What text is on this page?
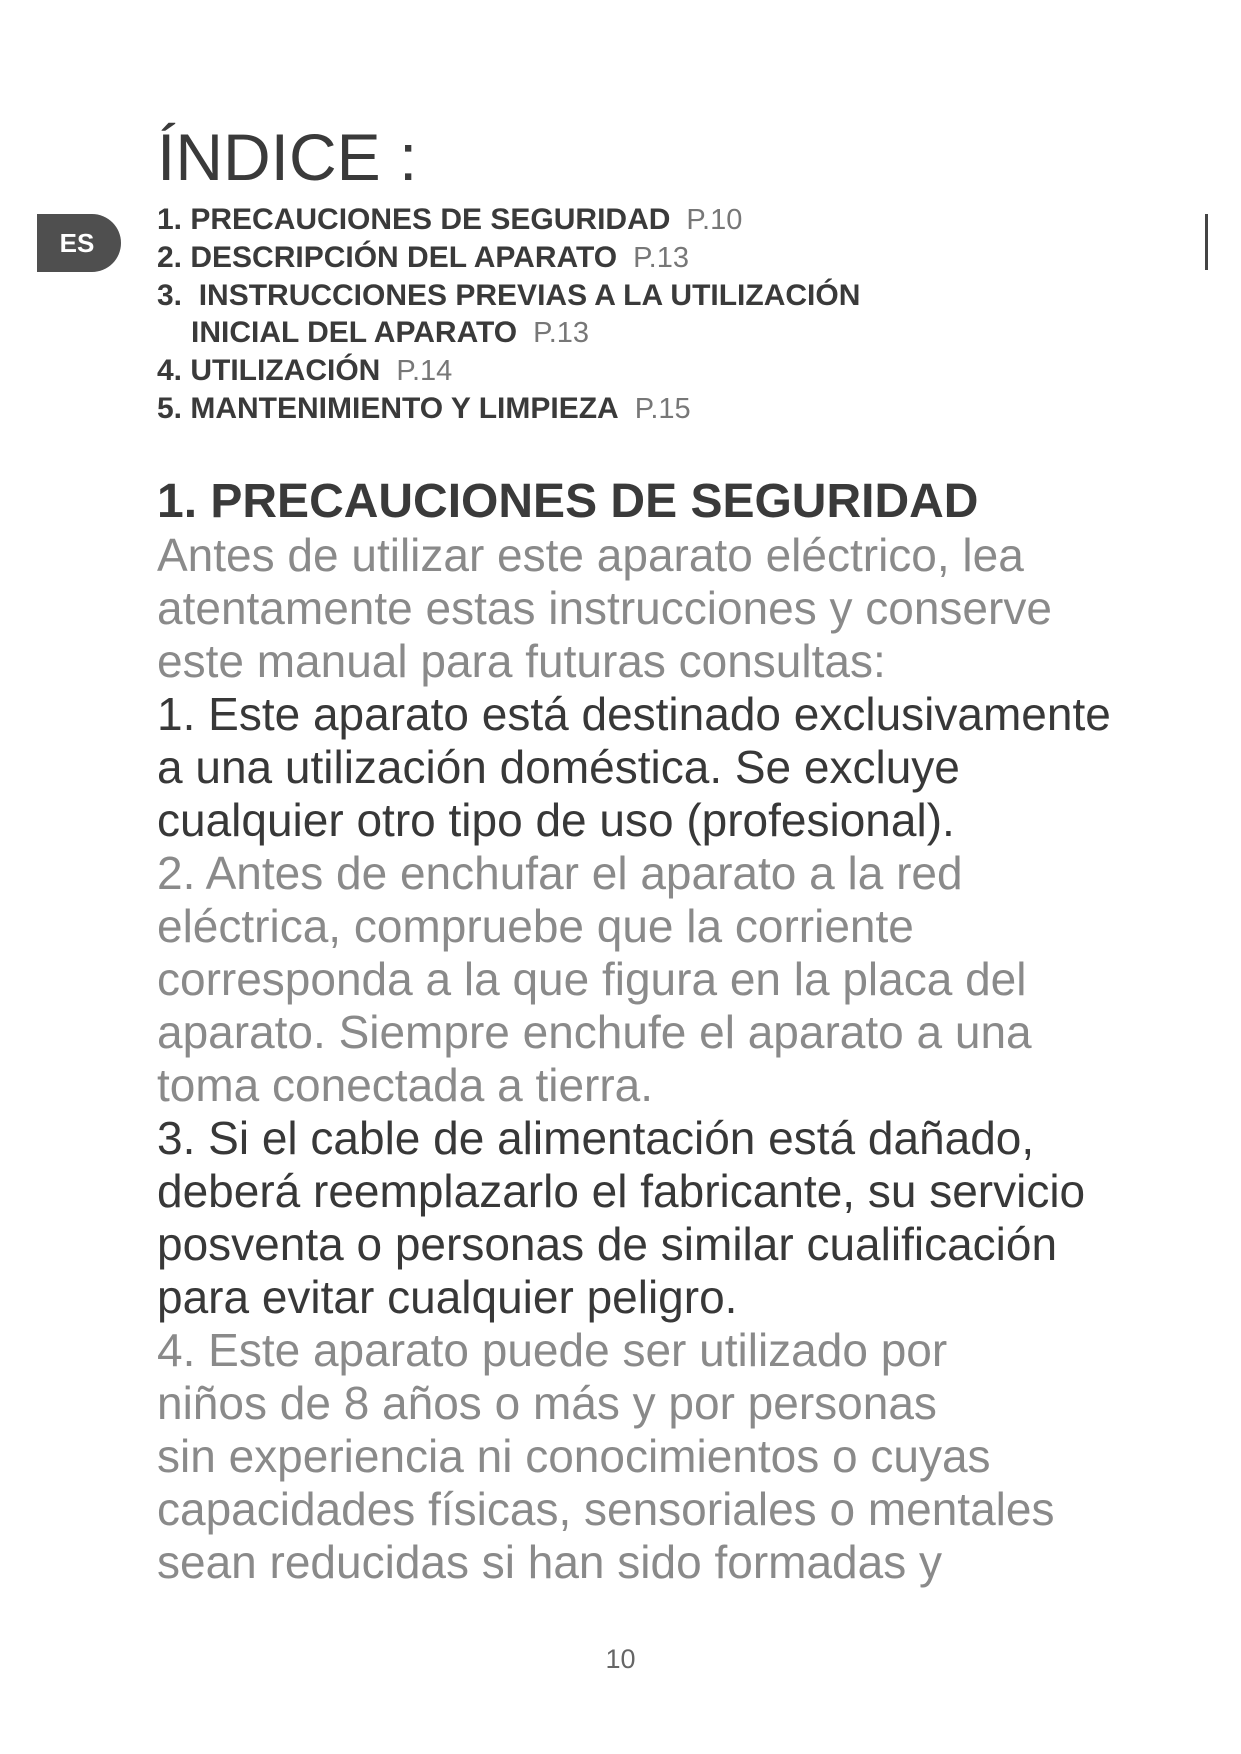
ES
ÍNDICE :
1. PRECAUCIONES DE SEGURIDAD P.10
2. DESCRIPCIÓN DEL APARATO P.13
3.  INSTRUCCIONES PREVIAS A LA UTILIZACIÓN
INICIAL DEL APARATO P.13
4. UTILIZACIÓN P.14
5. MANTENIMIENTO Y LIMPIEZA P.15
1. PRECAUCIONES DE SEGURIDAD
Antes de utilizar este aparato eléctrico, lea
atentamente estas instrucciones y conserve
este manual para futuras consultas:
1. Este aparato está destinado exclusivamente
a una utilización doméstica. Se excluye
cualquier otro tipo de uso (profesional).
2. Antes de enchufar el aparato a la red
eléctrica, compruebe que la corriente
corresponda a la que figura en la placa del
aparato. Siempre enchufe el aparato a una
toma conectada a tierra.
3. Si el cable de alimentación está dañado,
deberá reemplazarlo el fabricante, su servicio
posventa o personas de similar cualificación
para evitar cualquier peligro.
4. Este aparato puede ser utilizado por
niños de 8 años o más y por personas
sin experiencia ni conocimientos o cuyas
capacidades físicas, sensoriales o mentales
sean reducidas si han sido formadas y
10
